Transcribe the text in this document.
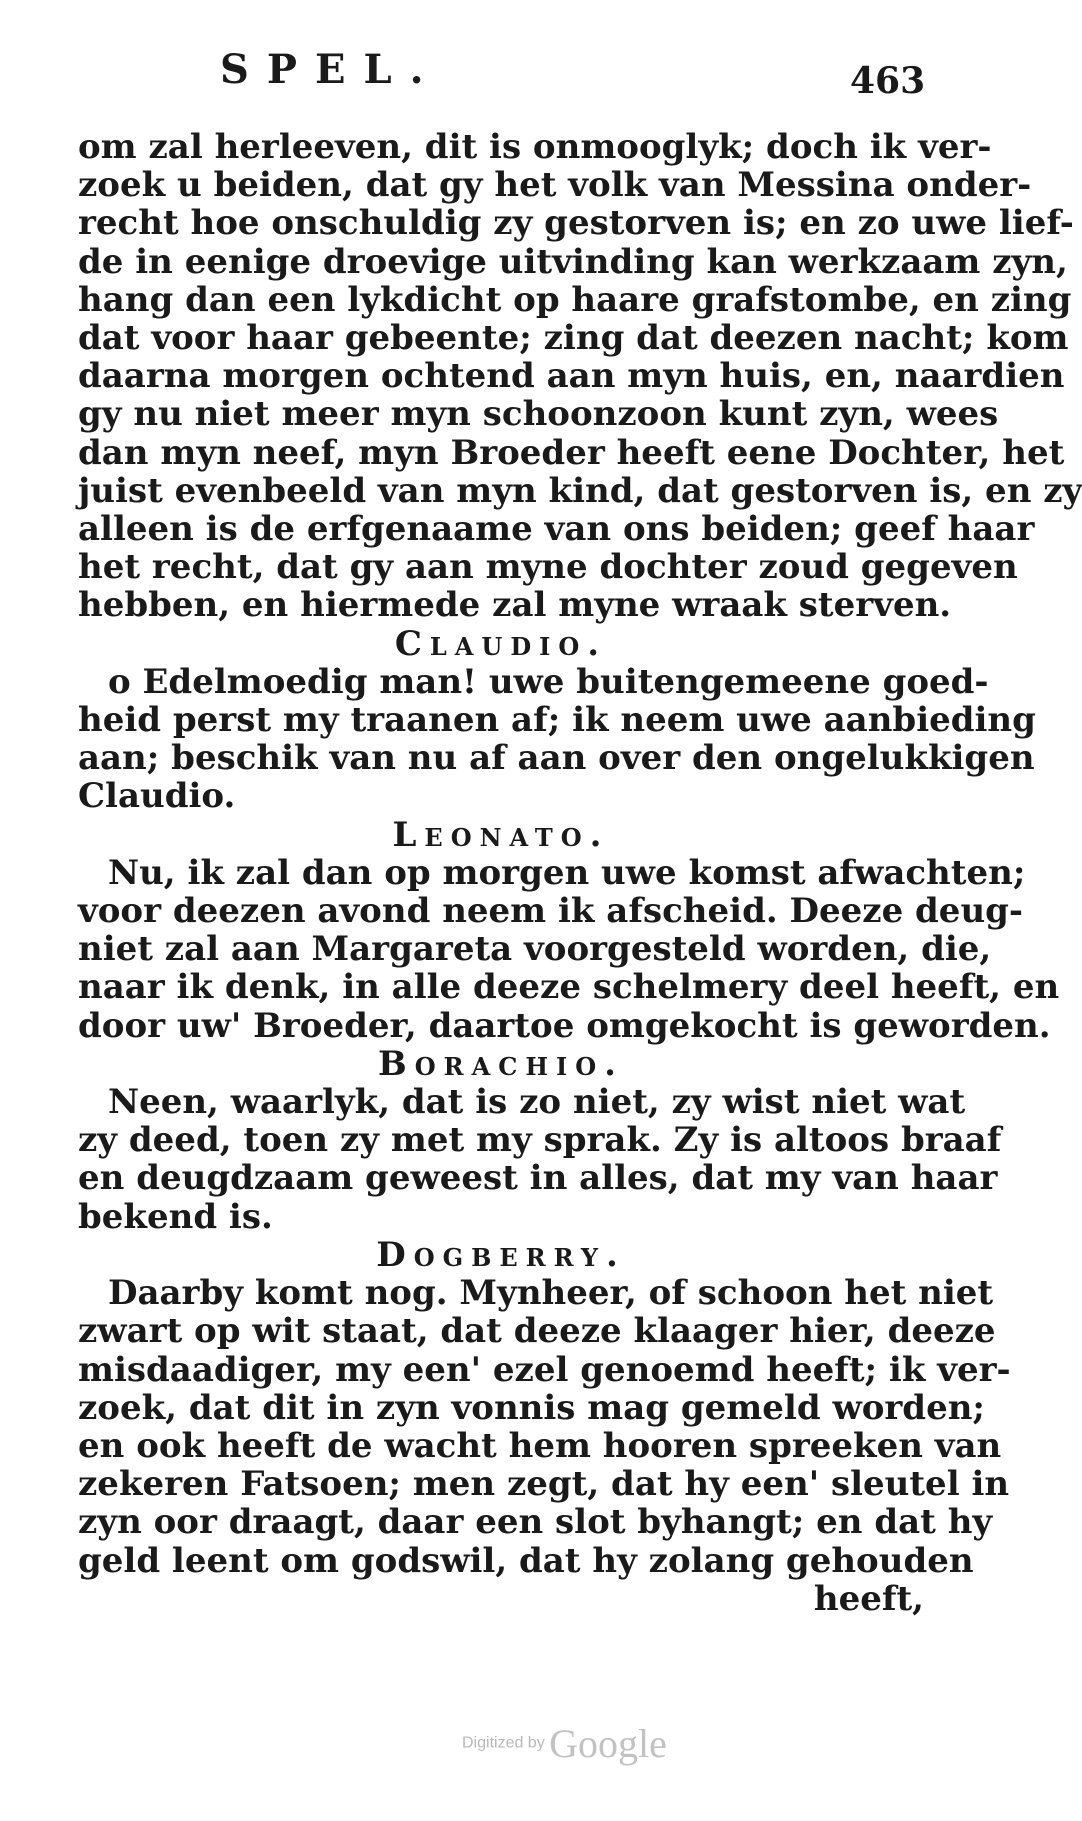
SPEL.	463
om zal herleeven, dit is onmooglyk; doch ik ver-
zoek u beiden, dat gy het volk van Messina onder-
recht hoe onschuldig zy gestorven is; en zo uwe lief-
de in eenige droevige uitvinding kan werkzaam zyn,
hang dan een lykdicht op haare grafstombe, en zing
dat voor haar gebeente; zing dat deezen nacht; kom
daarna morgen ochtend aan myn huis, en, naardien
gy nu niet meer myn schoonzoon kunt zyn, wees
dan myn neef, myn Broeder heeft eene Dochter, het
juist evenbeeld van myn kind, dat gestorven is, en zy
alleen is de erfgenaame van ons beiden; geef haar
het recht, dat gy aan myne dochter zoud gegeven
hebben, en hiermede zal myne wraak sterven.
Claudio.
o Edelmoedig man! uwe buitengemeene goed-
heid perst my traanen af; ik neem uwe aanbieding
aan; beschik van nu af aan over den ongelukkigen
Claudio.
Leonato.
Nu, ik zal dan op morgen uwe komst afwachten;
voor deezen avond neem ik afscheid. Deeze deug-
niet zal aan Margareta voorgesteld worden, die,
naar ik denk, in alle deeze schelmery deel heeft, en
door uw' Broeder, daartoe omgekocht is geworden.
Borachio.
Neen, waarlyk, dat is zo niet, zy wist niet wat
zy deed, toen zy met my sprak. Zy is altoos braaf
en deugdzaam geweest in alles, dat my van haar
bekend is.
Dogberry.
Daarby komt nog. Mynheer, of schoon het niet
zwart op wit staat, dat deeze klaager hier, deeze
misdaadiger, my een' ezel genoemd heeft; ik ver-
zoek, dat dit in zyn vonnis mag gemeld worden;
en ook heeft de wacht hem hooren spreeken van
zekeren Fatsoen; men zegt, dat hy een' sleutel in
zyn oor draagt, daar een slot byhangt; en dat hy
geld leent om godswil, dat hy zolang gehouden
heeft,
Digitized by Google
